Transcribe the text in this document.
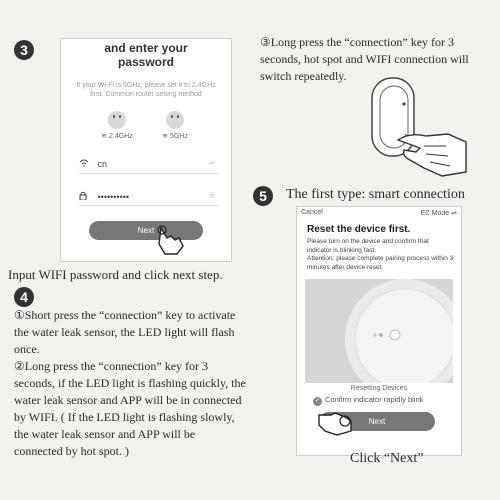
3	and enter your
password
If your Wi-Fi is 5GHz, please set it to 2.4GHz first. Common router setting method
≋ 2.4GHz	≋ 5GHz
cn	⇌
••••••••••	◎
Next
Input WIFI password and click next step.
4
①Short press the “connection” key to activate the water leak sensor, the LED light will flash once.
②Long press the “connection” key for 3 seconds, if the LED light is flashing quickly, the water leak sensor and APP will be in connected by WIFI. ( If the LED light is flashing slowly, the water leak sensor and APP will be connected by hot spot. )
③Long press the “connection” key for 3 seconds, hot spot and WIFI connection will switch repeatedly.
5	The first type: smart connection
Cancel	EZ Mode ⇌
Reset the device first.
Please turn on the device and confirm that indicator is blinking fast.
Attention: please complete pairing process within 3 minutes after device reset.
Resetting Devices
✓ Confirm indicator rapidly blink
Next
Click “Next”
